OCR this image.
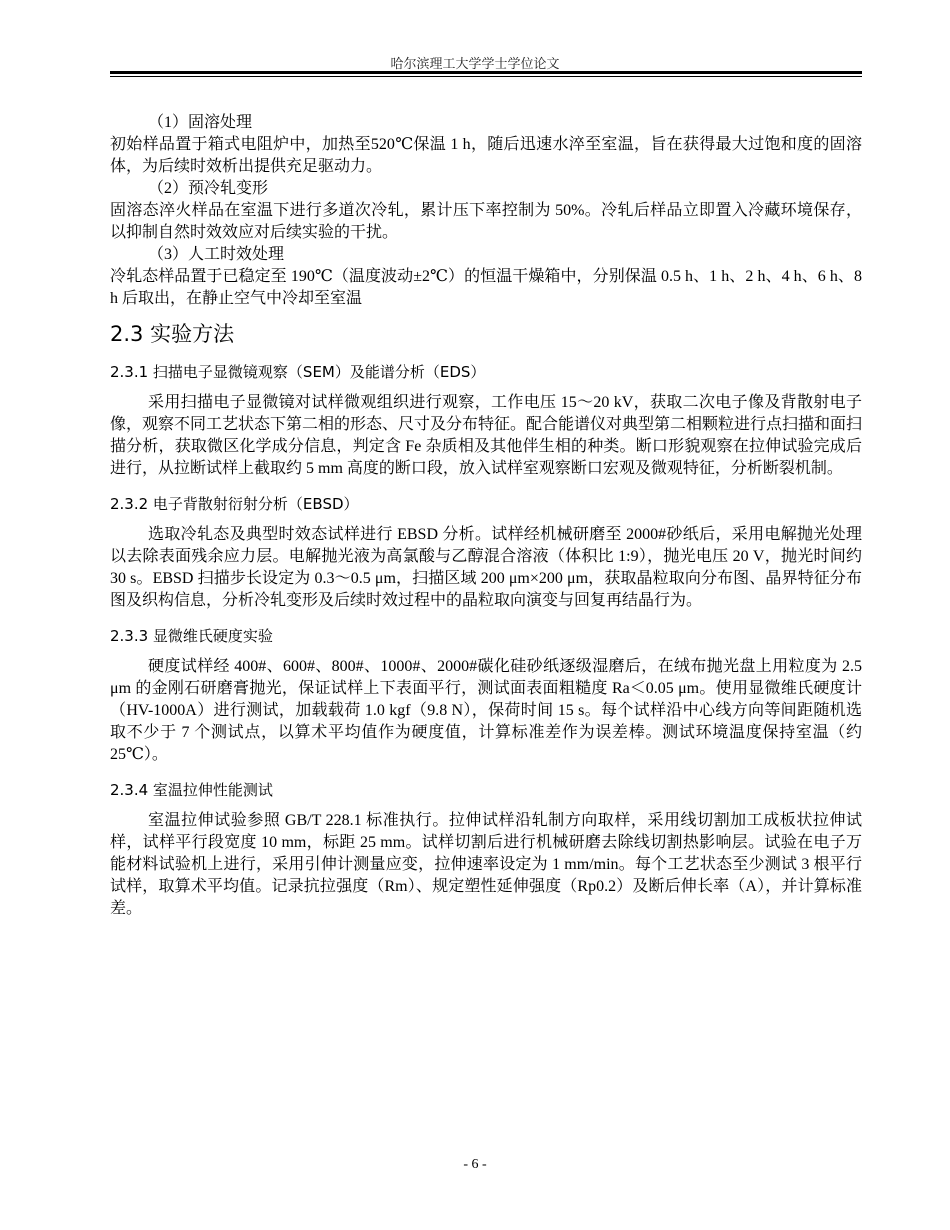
哈尔滨理工大学学士学位论文

（1）固溶处理

初始样品置于箱式电阻炉中，加热至520℃保温 1 h，随后迅速水淬至室温，旨在获得最大过饱和度的固溶体，为后续时效析出提供充足驱动力。

（2）预冷轧变形

固溶态淬火样品在室温下进行多道次冷轧，累计压下率控制为 50%。冷轧后样品立即置入冷藏环境保存，以抑制自然时效效应对后续实验的干扰。

（3）人工时效处理

冷轧态样品置于已稳定至 190℃（温度波动±2℃）的恒温干燥箱中，分别保温 0.5 h、1 h、2 h、4 h、6 h、8 h 后取出，在静止空气中冷却至室温

2.3 实验方法
2.3.1 扫描电子显微镜观察（SEM）及能谱分析（EDS）

采用扫描电子显微镜对试样微观组织进行观察，工作电压 15～20 kV，获取二次电子像及背散射电子像，观察不同工艺状态下第二相的形态、尺寸及分布特征。配合能谱仪对典型第二相颗粒进行点扫描和面扫描分析，获取微区化学成分信息，判定含 Fe 杂质相及其他伴生相的种类。断口形貌观察在拉伸试验完成后进行，从拉断试样上截取约 5 mm 高度的断口段，放入试样室观察断口宏观及微观特征，分析断裂机制。

2.3.2 电子背散射衍射分析（EBSD）

选取冷轧态及典型时效态试样进行 EBSD 分析。试样经机械研磨至 2000#砂纸后，采用电解抛光处理以去除表面残余应力层。电解抛光液为高氯酸与乙醇混合溶液（体积比 1:9），抛光电压 20 V，抛光时间约 30 s。EBSD 扫描步长设定为 0.3～0.5 μm，扫描区域 200 μm×200 μm，获取晶粒取向分布图、晶界特征分布图及织构信息，分析冷轧变形及后续时效过程中的晶粒取向演变与回复再结晶行为。

2.3.3 显微维氏硬度实验

硬度试样经 400#、600#、800#、1000#、2000#碳化硅砂纸逐级湿磨后，在绒布抛光盘上用粒度为 2.5 μm 的金刚石研磨膏抛光，保证试样上下表面平行，测试面表面粗糙度 Ra＜0.05 μm。使用显微维氏硬度计（HV-1000A）进行测试，加载载荷 1.0 kgf（9.8 N），保荷时间 15 s。每个试样沿中心线方向等间距随机选取不少于 7 个测试点，以算术平均值作为硬度值，计算标准差作为误差棒。测试环境温度保持室温（约 25℃）。

2.3.4 室温拉伸性能测试

室温拉伸试验参照 GB/T 228.1 标准执行。拉伸试样沿轧制方向取样，采用线切割加工成板状拉伸试样，试样平行段宽度 10 mm，标距 25 mm。试样切割后进行机械研磨去除线切割热影响层。试验在电子万能材料试验机上进行，采用引伸计测量应变，拉伸速率设定为 1 mm/min。每个工艺状态至少测试 3 根平行试样，取算术平均值。记录抗拉强度（Rm）、规定塑性延伸强度（Rp0.2）及断后伸长率（A），并计算标准差。

- 6 -
